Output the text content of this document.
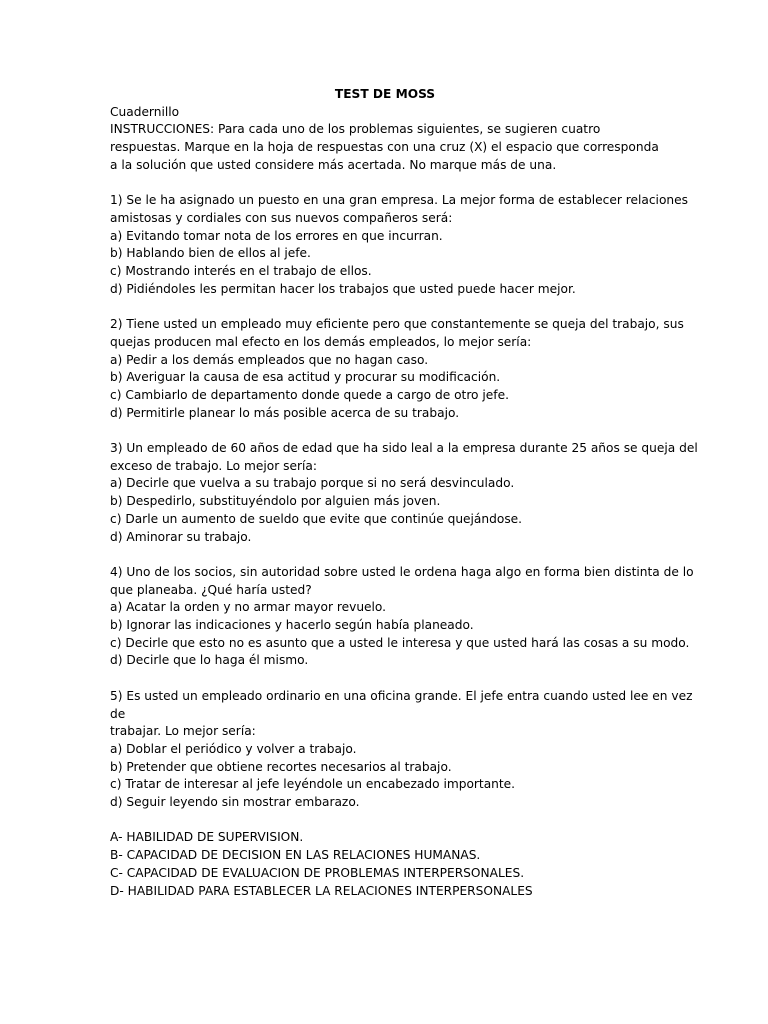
TEST DE MOSS

Cuadernillo

INSTRUCCIONES: Para cada uno de los problemas siguientes, se sugieren cuatro

respuestas. Marque en la hoja de respuestas con una cruz (X) el espacio que corresponda

a la solución que usted considere más acertada. No marque más de una.

1) Se le ha asignado un puesto en una gran empresa. La mejor forma de establecer relaciones

amistosas y cordiales con sus nuevos compañeros será:

a) Evitando tomar nota de los errores en que incurran.

b) Hablando bien de ellos al jefe.

c) Mostrando interés en el trabajo de ellos.

d) Pidiéndoles les permitan hacer los trabajos que usted puede hacer mejor.

2) Tiene usted un empleado muy eficiente pero que constantemente se queja del trabajo, sus

quejas producen mal efecto en los demás empleados, lo mejor sería:

a) Pedir a los demás empleados que no hagan caso.

b) Averiguar la causa de esa actitud y procurar su modificación.

c) Cambiarlo de departamento donde quede a cargo de otro jefe.

d) Permitirle planear lo más posible acerca de su trabajo.

3) Un empleado de 60 años de edad que ha sido leal a la empresa durante 25 años se queja del

exceso de trabajo. Lo mejor sería:

a) Decirle que vuelva a su trabajo porque si no será desvinculado.

b) Despedirlo, substituyéndolo por alguien más joven.

c) Darle un aumento de sueldo que evite que continúe quejándose.

d) Aminorar su trabajo.

4) Uno de los socios, sin autoridad sobre usted le ordena haga algo en forma bien distinta de lo

que planeaba. ¿Qué haría usted?

a) Acatar la orden y no armar mayor revuelo.

b) Ignorar las indicaciones y hacerlo según había planeado.

c) Decirle que esto no es asunto que a usted le interesa y que usted hará las cosas a su modo.

d) Decirle que lo haga él mismo.

5) Es usted un empleado ordinario en una oficina grande. El jefe entra cuando usted lee en vez

de

trabajar. Lo mejor sería:

a) Doblar el periódico y volver a trabajo.

b) Pretender que obtiene recortes necesarios al trabajo.

c) Tratar de interesar al jefe leyéndole un encabezado importante.

d) Seguir leyendo sin mostrar embarazo.

A- HABILIDAD DE SUPERVISION.

B- CAPACIDAD DE DECISION EN LAS RELACIONES HUMANAS.

C- CAPACIDAD DE EVALUACION DE PROBLEMAS INTERPERSONALES.

D- HABILIDAD PARA ESTABLECER LA RELACIONES INTERPERSONALES
